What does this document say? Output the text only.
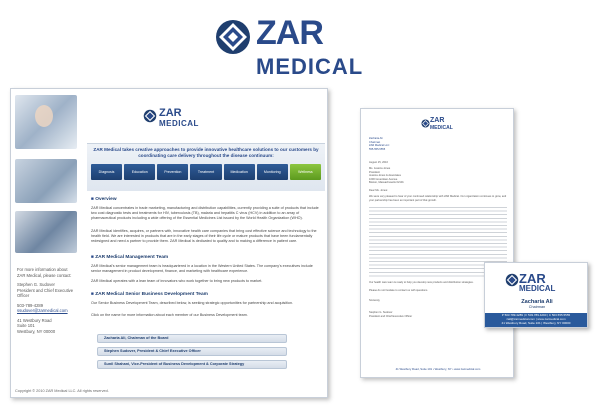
ZAR
MEDICAL
For more information about
ZAR Medical, please contact:
Stephen G. Sudover
President and Chief Executive
Officer
503-789-4289
ssudover@zarmedical.com
41 Westbury Road
Suite 101
Westbury, NY 00000
ZAR
MEDICAL
ZAR Medical takes creative approaches to provide innovative healthcare solutions to our customers by coordinating care delivery throughout the disease continuum:
Diagnosis	Education	Prevention	Treatment	Medication	Monitoring	Wellness
■ Overview
ZAR Medical concentrates in trade marketing, manufacturing and distribution capabilities, currently providing a suite of products that include two cost diagnostic tests and treatments for HIV, tuberculosis (TB), malaria and hepatitis C virus (HCV) in addition to an array of pharmaceutical products including a wide offering of the Essential Medicines List issued by the World Health Organization (WHO).
ZAR Medical identifies, acquires, or partners with, innovative health care companies that bring cost effective science and technology to the health field. We are interested in products that are in the early stages of their life cycle or mature products that have been fundamentally redesigned and need a partner to provide them. ZAR Medical is dedicated to quality and to making a difference in patient care.
■ ZAR Medical Management Team
ZAR Medical's senior management team is headquartered in a location in the Western United States. The company's executives include senior management in product development, finance, and marketing with healthcare experience.
ZAR Medical operates with a lean team of innovators who work together to bring new products to market.
■ ZAR Medical Senior Business Development Team
Our Senior Business Development Team, described below, is seeking strategic opportunities for partnership and acquisition.
Click on the name for more information about each member of our Business Development team.
Zacharia Ali, Chairman of the Board
Stephen Sudover, President & Chief Executive Officer
Sunil Shahani, Vice-President of Business Development & Corporate Strategy
Copyright © 2010 ZAR Medical LLC. All rights reserved.
ZAR
MEDICAL
Zacharia Ali
Chairman
ZAR Medical LLC
555-555-5555
August 15, 2010
Ms. Jessica Jones
President
Jessica Jones & Associates
1000 Greenlawn Avenue
Boston, Massachusetts 02101
Dear Ms. Jones:
We were very pleased to hear of your continued relationship with ZAR Medical. Our organization continues to grow, and your partnership has been an important part of that growth.
Our health care team is ready to help you develop new products and distribution strategies.
Please do not hesitate to contact us with questions.
Sincerely,
Stephen G. Sudover
President and Chief Executive Officer
41 Westbury Road, Suite 101 • Westbury, NY • www.zarmedical.com
ZAR
MEDICAL
Zacharia Ali
Chairman
P 503.789.4289 | F 503.789.4290 | C 503.555.5555
zali@zarmedical.com | www.zarmedical.com
41 Westbury Road, Suite 101 | Westbury, NY 00000
